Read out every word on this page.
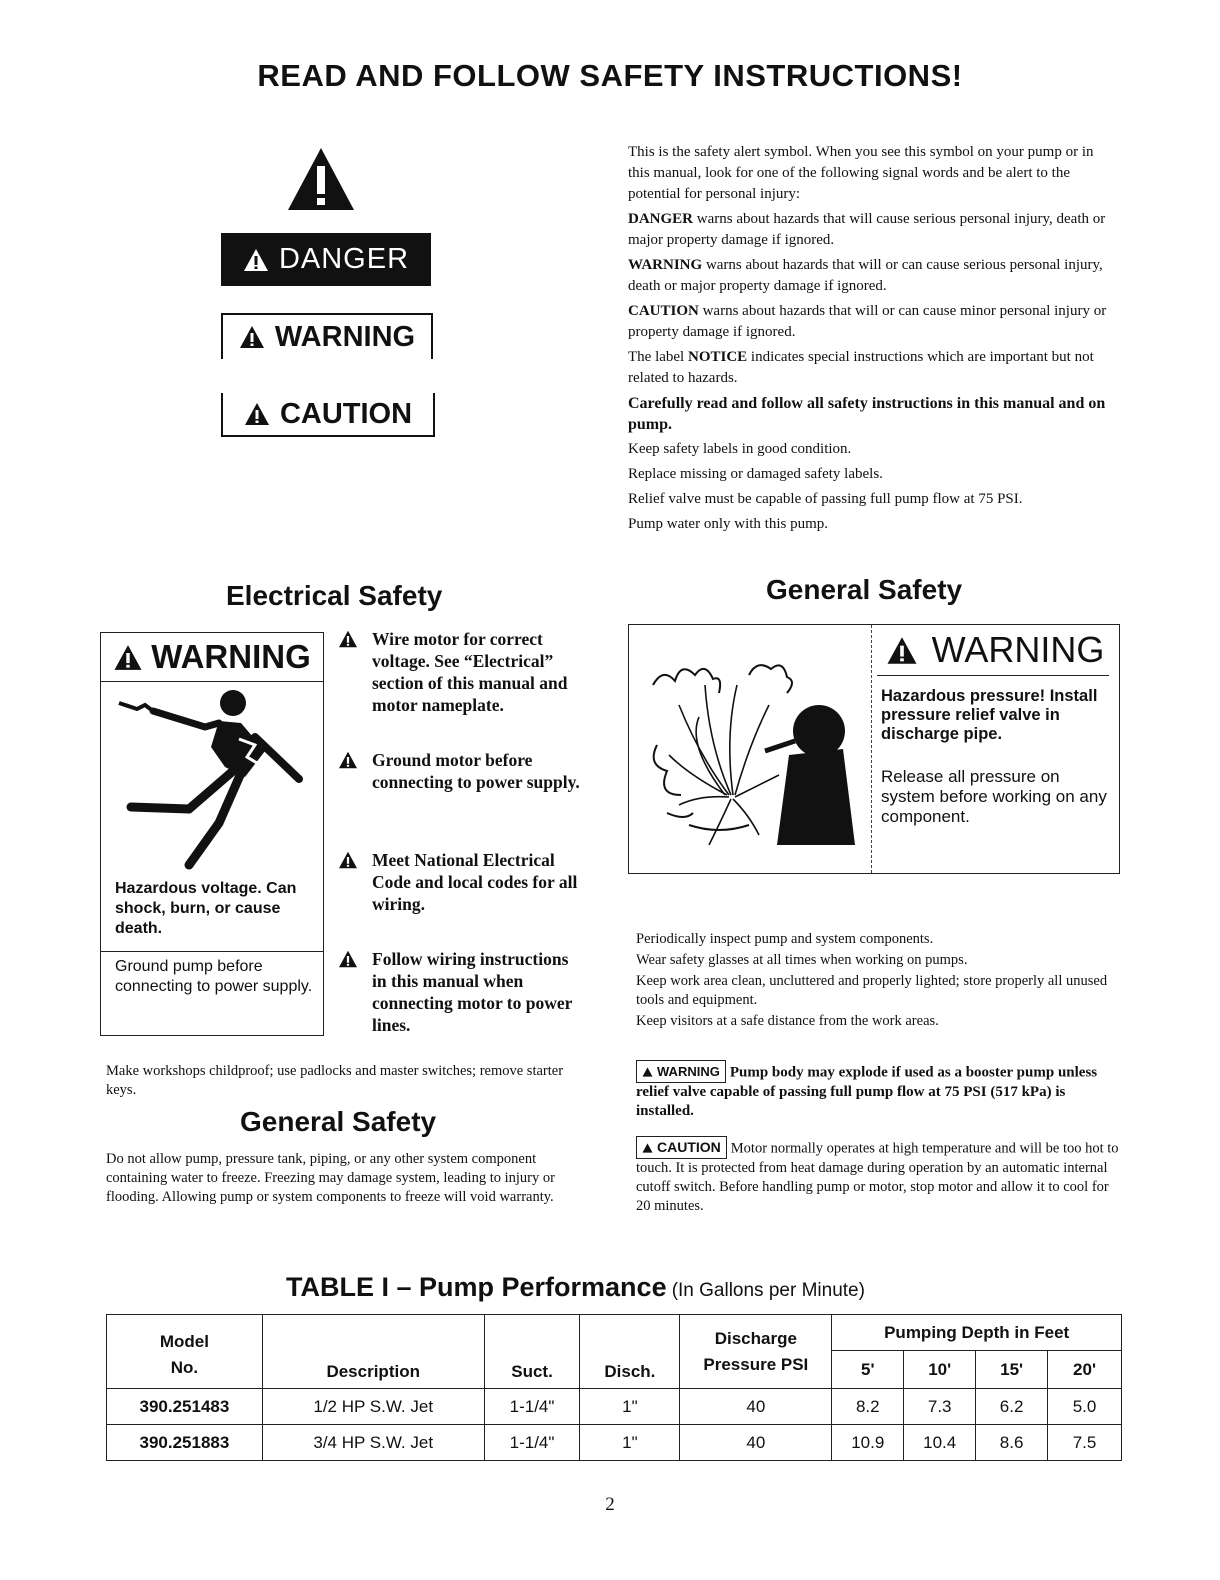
READ AND FOLLOW SAFETY INSTRUCTIONS!
DANGER
WARNING
CAUTION

This is the safety alert symbol. When you see this symbol on your pump or in this manual, look for one of the following signal words and be alert to the potential for personal injury:

DANGER warns about hazards that will cause serious personal injury, death or major property damage if ignored.

WARNING warns about hazards that will or can cause serious personal injury, death or major property damage if ignored.

CAUTION warns about hazards that will or can cause minor personal injury or property damage if ignored.

The label NOTICE indicates special instructions which are important but not related to hazards.

Carefully read and follow all safety instructions in this manual and on pump.

Keep safety labels in good condition.

Replace missing or damaged safety labels.

Relief valve must be capable of passing full pump flow at 75 PSI.

Pump water only with this pump.

Electrical Safety
WARNING
Hazardous voltage. Can shock, burn, or cause death.
Ground pump before connecting to power supply.
Wire motor for correct voltage. See “Electrical” section of this manual and motor nameplate.
Ground motor before connecting to power supply.
Meet National Electrical Code and local codes for all wiring.
Follow wiring instructions in this manual when connecting motor to power lines.
Make workshops childproof; use padlocks and master switches; remove starter keys.
General Safety
Do not allow pump, pressure tank, piping, or any other system component containing water to freeze. Freezing may damage system, leading to injury or flooding. Allowing pump or system components to freeze will void warranty.
General Safety
WARNING
Hazardous pressure! Install pressure relief valve in discharge pipe.
Release all pressure on system before working on any component.

Periodically inspect pump and system components.

Wear safety glasses at all times when working on pumps.

Keep work area clean, uncluttered and properly lighted; store properly all unused tools and equipment.

Keep visitors at a safe distance from the work areas.

WARNING Pump body may explode if used as a booster pump unless relief valve capable of passing full pump flow at 75 PSI (517 kPa) is installed.
CAUTION Motor normally operates at high temperature and will be too hot to touch. It is protected from heat damage during operation by an automatic internal cutoff switch. Before handling pump or motor, stop motor and allow it to cool for 20 minutes.
TABLE I – Pump Performance (In Gallons per Minute)
Model No.	Description	Suct.	Disch.	Discharge Pressure PSI	Pumping Depth in Feet			
					5'	10'	15'	20'
390.251483	1/2 HP S.W. Jet	1-1/4"	1"	40	8.2	7.3	6.2	5.0
390.251883	3/4 HP S.W. Jet	1-1/4"	1"	40	10.9	10.4	8.6	7.5
2
